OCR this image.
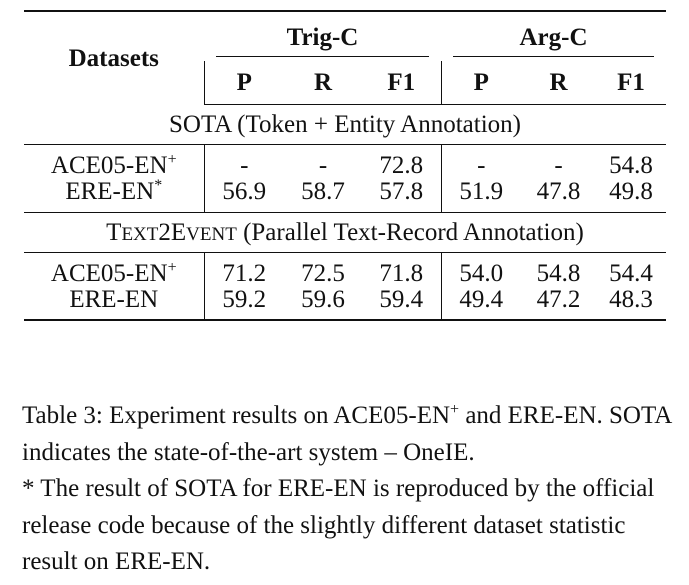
Datasets	Trig-C			Arg-C		

	P	R	F1	P	R	F1
SOTA (Token + Entity Annotation)						
ACE05-EN+	-	-	72.8	-	-	54.8
ERE-EN*	56.9	58.7	57.8	51.9	47.8	49.8
TEXT2EVENT (Parallel Text-Record Annotation)						
ACE05-EN+	71.2	72.5	71.8	54.0	54.8	54.4
ERE-EN	59.2	59.6	59.4	49.4	47.2	48.3

Table 3: Experiment results on ACE05-EN+ and ERE-EN. SOTA indicates the state-of-the-art system – OneIE.
* The result of SOTA for ERE-EN is reproduced by the official release code because of the slightly different dataset statistic result on ERE-EN.
